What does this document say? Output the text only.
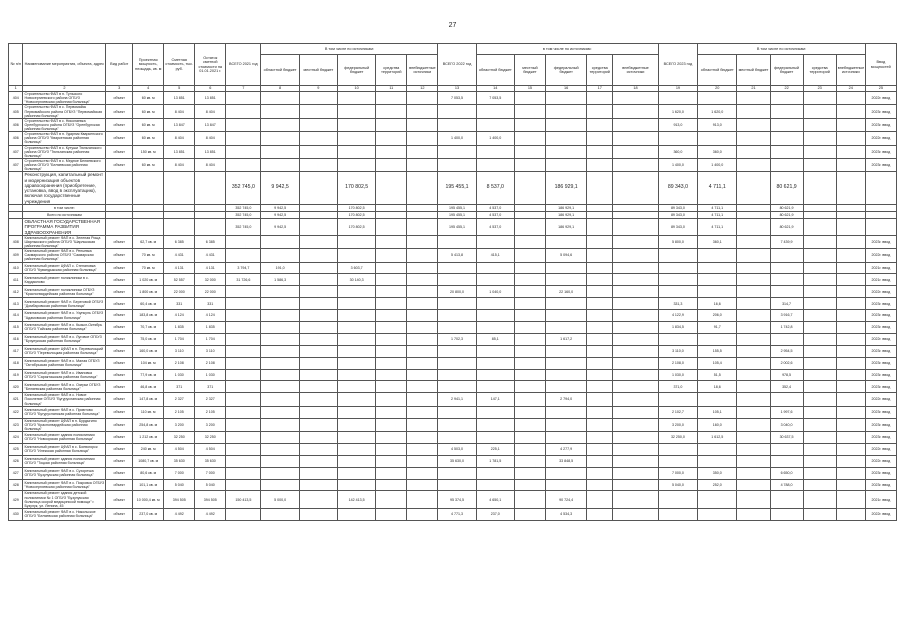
27
№ п/п	Наименование мероприятия, объекта, адрес	Вид работ	Проектная мощность, площадь, кв. м	Сметная стоимость, тыс. руб.	Остаток сметной стоимости на 01.01.2021 г.	ВСЕГО 2021 год	В том числе по источникам:					ВСЕГО 2022 год	в том числе по источникам:					ВСЕГО 2023 год	В том числе по источникам:					Ввод мощностей
							областной бюджет	местный бюджет	федеральный бюджет	средства территорий	внебюджетные источники		областной бюджет	местный бюджет	федеральный бюджет	средства территорий	внебюджетные источники		областной бюджет	местный бюджет	федеральный бюджет	средства территорий	внебюджетные источники	
1	2	3	4	5	6	7	8	9	10	11	12	13	14	15	16	17	18	19	20	21	22	23	24	25
404	Строительство ФАП в п. Тульского Новосергиевского района ОГБУЗ "Новосергиевская районная больница"	объект	60 кв. м	13 851	13 851							7 053,5	7 053,5											2022г. ввод
405	Строительство ФАП в с. Первомайск Первомайского района ОГБУЗ "Первомайская районная больница"	объект	60 кв. м	8 404	8 404													1 620,0	1 620,0					2023г. ввод
406	Строительство ФАП в с. Николаевка Оренбургского района ОГБУЗ "Оренбургская районная больница"	объект	60 кв. м	13 847	13 847													913,0	913,0					2023г. ввод
406	Строительство ФАП в п. Ударник Кваркенского района ОГБУЗ "Кваркенская районная больница"	объект	60 кв. м	8 404	8 404							1 400,0	1 400,0											2022г. ввод
407	Строительство ФАП в с. Кутуши Тюльганского района ОГБУЗ "Тюльганская районная больница"	объект	150 кв. м	13 851	13 851													360,0	360,0					2023г. ввод
407	Строительство ФАП в с. Медное Беляевского района ОГБУЗ "Беляевская районная больница"	объект	60 кв. м	8 404	8 404													1 400,0	1 400,0					2023г. ввод
	Реконструкция, капитальный ремонт и модернизация объектов здравоохранения (приобретение, установка, ввод в эксплуатацию), включая государственные учреждения					352 745,0	9 942,5		170 802,5			195 455,1	8 537,0		186 929,1			89 343,0	4 711,1		80 621,9			
	в том числе:					352 745,0	9 942,5		170 802,5			195 455,1	4 537,0		186 929,1			89 343,0	4 711,1		80 621,9			
	Всего по источникам					352 745,0	9 942,5		170 802,5			195 455,1	4 537,0		186 929,1			89 343,0	4 711,1		80 621,9			
	ОБЛАСТНАЯ ГОСУДАРСТВЕННАЯ ПРОГРАММА РАЗВИТИЯ ЗДРАВООХРАНЕНИЯ					352 745,0	9 942,5		170 802,5			195 455,1	4 537,0		186 929,1			89 343,0	4 711,1		80 621,9			
408	Капитальный ремонт ФАП в с. Зеленая Роща Шарлыкского района ОГБУЗ "Шарлыкская районная больница"	объект	62,7 кв. м	6 385	6 385													5 800,0	360,1		7 439,9			2023г. ввод
409	Капитальный ремонт ФАП в с. Репьевка Сакмарского района ОГБУЗ "Сакмарская районная больница"	объект	70 кв. м	4 431	4 431							5 413,8	415,1		5 094,6									2022г. ввод
410	Капитальный ремонт ЦФАП с. Степановка ОГБУЗ "Кувандыкская районная больница"	объект	70 кв. м	4 131	4 131	3 794,7	191,0		3 603,7															2021г. ввод
411	Капитальный ремонт поликлиники в с. Кардаилово	объект	1 020 кв. м	52 557	32 000	31 726,6	1 586,3		30 140,3															2021г. ввод
412	Капитальный ремонт поликлиники ОГБУЗ "Красногвардейская районная больница"	объект	1 800 кв. м	22 000	22 000							20 800,0	1 040,0		22 160,0									2022г. ввод
413	Капитальный ремонт ФАП п. Береговой ОГБУЗ "Домбаровская районная больница"	объект	60,4 кв. м	331	331													331,3	16,6		314,7			2023г. ввод
414	Капитальный ремонт ФАП в с. Узункуль ОГБУЗ "Адамовская районная больница"	объект	183,8 кв. м	4 124	4 124													4 122,9	206,0		3 916,7			2023г. ввод
415	Капитальный ремонт ФАП в с. Кызыл-Октябрь ОГБУЗ "Гайская районная больница"	объект	70,7 кв. м	1 835	1 835													1 834,5	91,7		1 742,8			2023г. ввод
416	Капитальный ремонт ФАП в с. Луговое ОГБУЗ "Бузулукская районная больница"	объект	75,0 кв. м	1 704	1 704							1 702,3	85,1		1 617,2									2022г. ввод
417	Капитальный ремонт ЦФАП в п. Переволоцкий ОГБУЗ "Переволоцкая районная больница"	объект	160,0 кв. м	3 110	3 110													3 110,0	155,5		2 954,5			2023г. ввод
418	Капитальный ремонт ФАП в с. Малая ОГБУЗ "Октябрьская районная больница"	объект	104 кв. м	2 108	2 108													2 108,0	105,4		2 002,6			2023г. ввод
419	Капитальный ремонт ФАП в с. Ивановка ОГБУЗ "Саракташская районная больница"	объект	77,9 кв. м	1 030	1 030													1 030,0	51,5		978,5			2023г. ввод
420	Капитальный ремонт ФАП в с. Озерки ОГБУЗ "Беляевская районная больница"	объект	46,8 кв. м	371	371													371,0	18,6		352,4			2023г. ввод
421	Капитальный ремонт ФАП в с. Новое Поколение ОГБУЗ "Бугурусланская районная больница"	объект	147,8 кв. м	2 327	2 327							2 941,1	147,1		2 794,0									2022г. ввод
422	Капитальный ремонт ФАП в с. Приютово ОГБУЗ "Бугурусланская районная больница"	объект	110 кв. м	2 105	2 105													2 102,7	105,1		1 997,6			2023г. ввод
423	Капитальный ремонт ЦФАП в п. Бурдыгино ОГБУЗ "Красногвардейская районная больница"	объект	254,8 кв. м	3 200	3 200													3 200,0	160,0		3 040,0			2023г. ввод
424	Капитальный ремонт здания поликлиники ОГБУЗ "Новоорская районная больница"	объект	1 212 кв. м	32 250	32 250													32 250,0	1 612,5		30 637,5			2023г. ввод
425	Капитальный ремонт ЦФАП в с. Боевогорск ОГБУЗ "Илекская районная больница"	объект	240 кв. м	4 504	4 504							4 503,0	225,1		4 277,9									2022г. ввод
426	Капитальный ремонт здания поликлиники ОГБУЗ "Тоцкая районная больница"	объект	1080,7 кв. м	35 630	35 630							35 630,0	1 781,5		33 848,5									2022г. ввод
427	Капитальный ремонт ФАП в с. Сухоречка ОГБУЗ "Бузулукская районная больница"	объект	80,6 кв. м	7 000	7 000													7 000,0	350,0		6 650,0			2023г. ввод
428	Капитальный ремонт ФАП в с. Покровка ОГБУЗ "Новосергиевская районная больница"	объект	101,1 кв. м	5 040	5 040													5 040,0	252,0		4 788,0			2023г. ввод
429	Капитальный ремонт здания детской поликлиники № 1 ОГБУЗ "Бузулукская больница скорой медицинской помощи" г. Бузулук, ул. Ленина, 45	объект	10 000,4 кв. м	394 505	394 505	150 413,5	5 000,0		142 413,5			95 374,5	4 650,1		90 724,4									2021г. ввод
430	Капитальный ремонт ФАП в с. Никольское ОГБУЗ "Беляевская районная больница"	объект	237,0 кв. м	4 492	4 492							4 771,3	237,0		4 534,3									2022г. ввод
